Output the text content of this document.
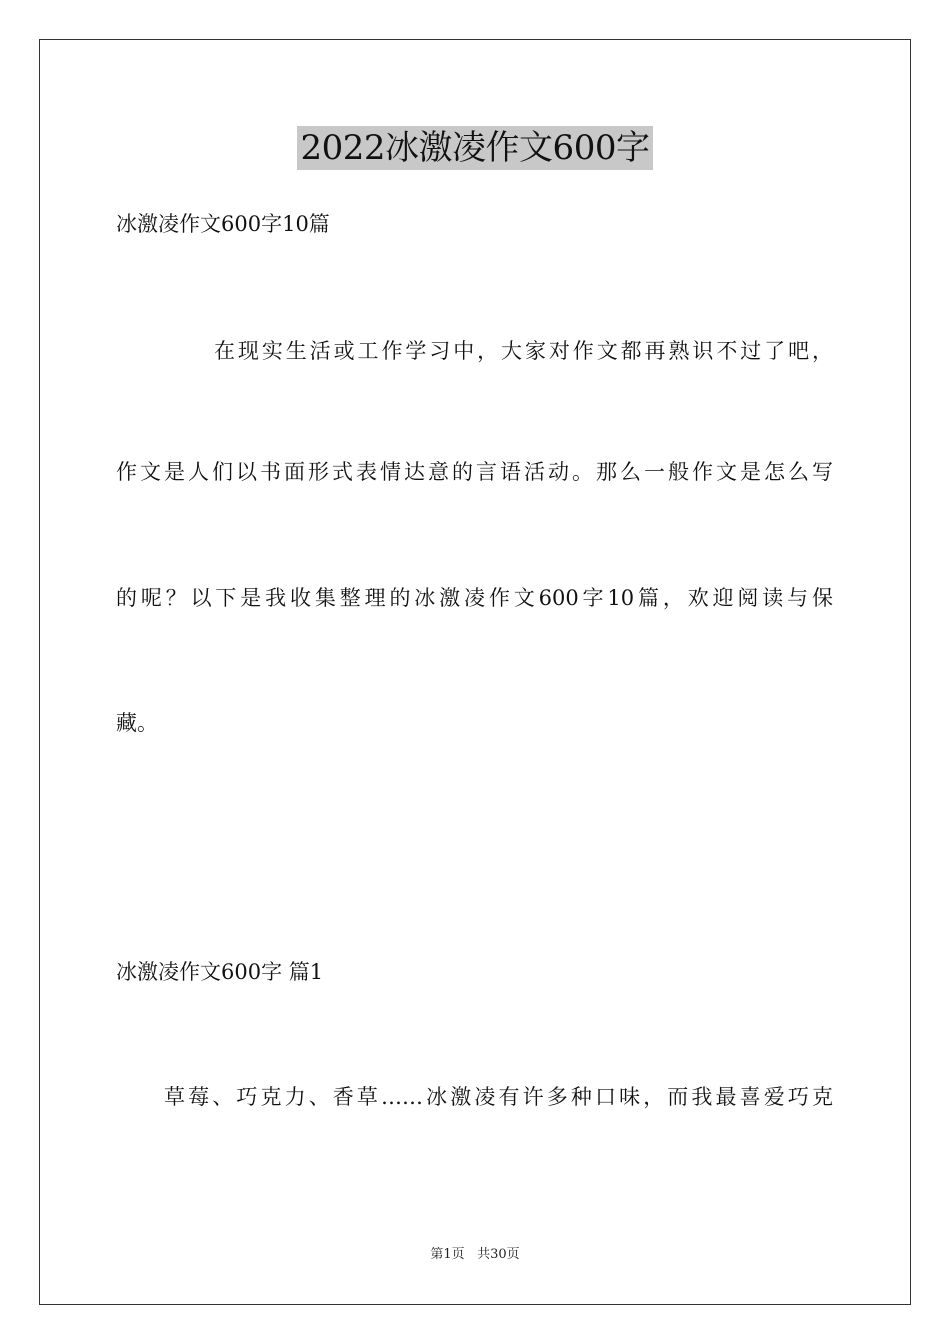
2022冰激凌作文600字
冰激凌作文600字10篇
在现实生活或工作学习中，大家对作文都再熟识不过了吧，
作文是人们以书面形式表情达意的言语活动。那么一般作文是怎么写
的呢？以下是我收集整理的冰激凌作文600字10篇，欢迎阅读与保
藏。
冰激凌作文600字 篇1
草莓、巧克力、香草……冰激凌有许多种口味，而我最喜爱巧克
第1页 共30页
